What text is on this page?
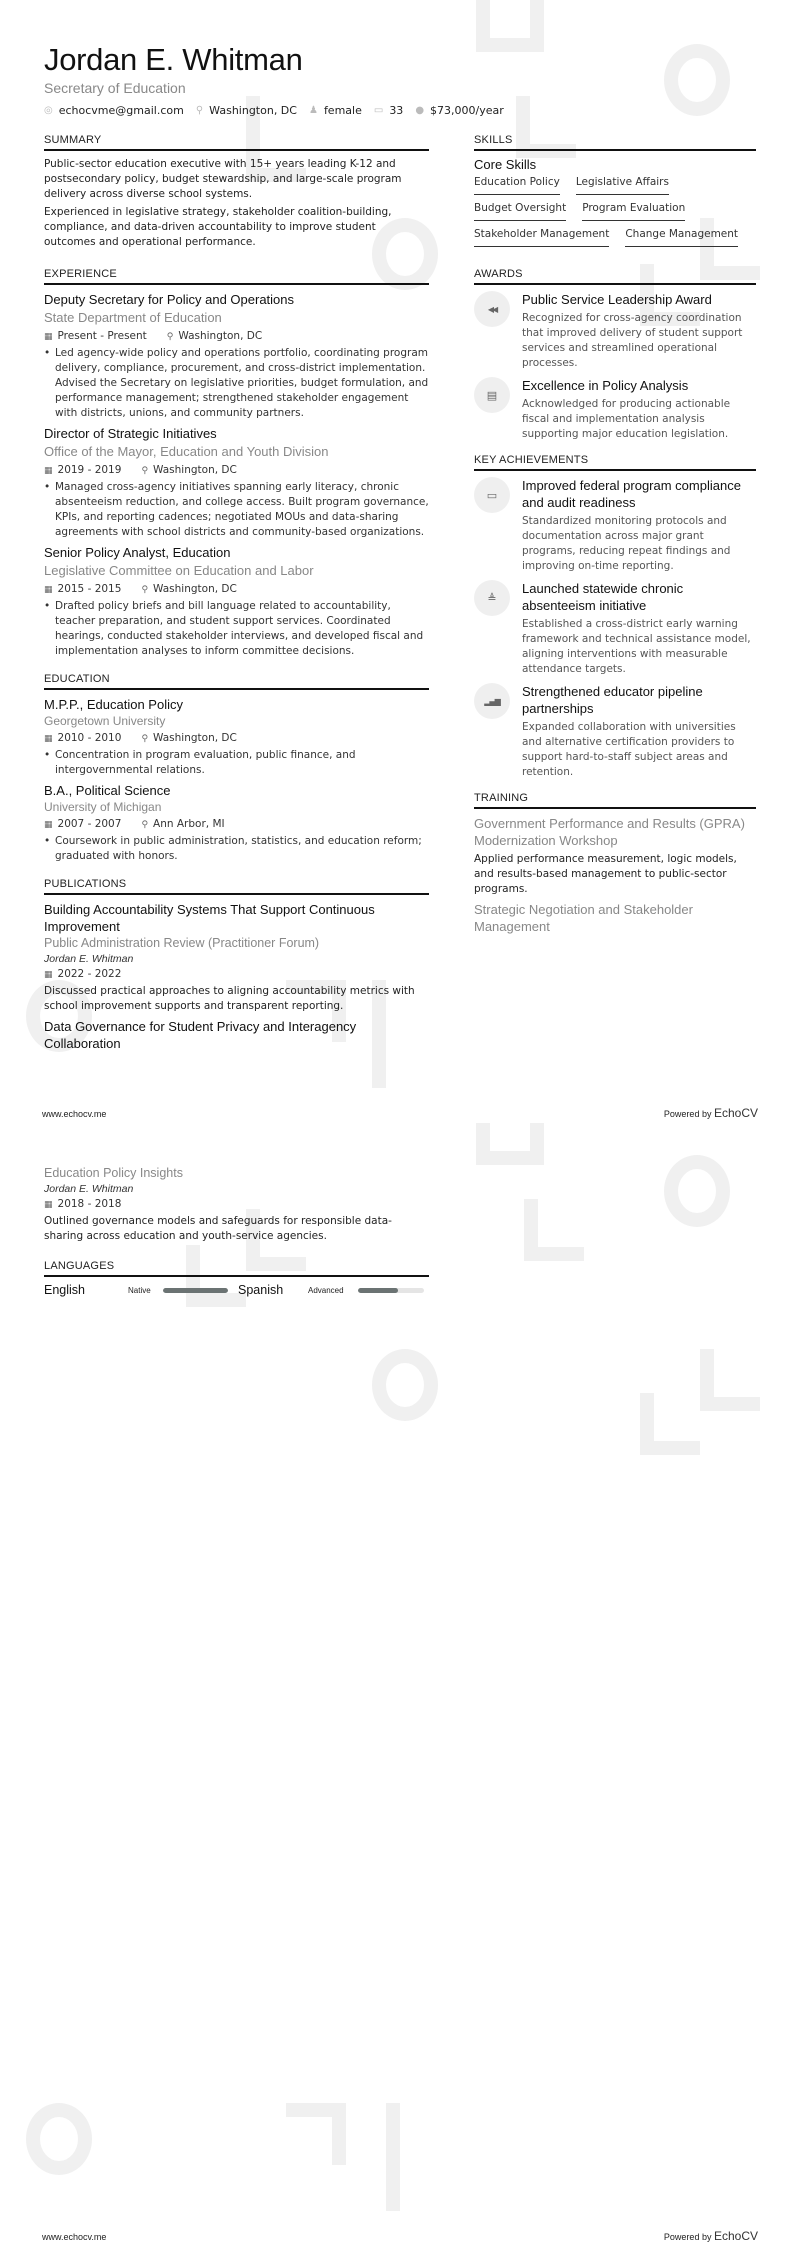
Jordan E. Whitman
Secretary of Education
◎ echocvme@gmail.com ⚲ Washington, DC ♟ female ▭ 33 ● $73,000/year
SUMMARY

Public-sector education executive with 15+ years leading K-12 and postsecondary policy, budget stewardship, and large-scale program delivery across diverse school systems.

Experienced in legislative strategy, stakeholder coalition-building, compliance, and data-driven accountability to improve student outcomes and operational performance.

EXPERIENCE
Deputy Secretary for Policy and Operations
State Department of Education
▦ Present - Present ⚲ Washington, DC
• Led agency-wide policy and operations portfolio, coordinating program delivery, compliance, procurement, and cross-district implementation. Advised the Secretary on legislative priorities, budget formulation, and performance management; strengthened stakeholder engagement with districts, unions, and community partners.
Director of Strategic Initiatives
Office of the Mayor, Education and Youth Division
▦ 2019 - 2019 ⚲ Washington, DC
• Managed cross-agency initiatives spanning early literacy, chronic absenteeism reduction, and college access. Built program governance, KPIs, and reporting cadences; negotiated MOUs and data-sharing agreements with school districts and community-based organizations.
Senior Policy Analyst, Education
Legislative Committee on Education and Labor
▦ 2015 - 2015 ⚲ Washington, DC
• Drafted policy briefs and bill language related to accountability, teacher preparation, and student support services. Coordinated hearings, conducted stakeholder interviews, and developed fiscal and implementation analyses to inform committee decisions.
EDUCATION
M.P.P., Education Policy
Georgetown University
▦ 2010 - 2010 ⚲ Washington, DC
• Concentration in program evaluation, public finance, and intergovernmental relations.
B.A., Political Science
University of Michigan
▦ 2007 - 2007 ⚲ Ann Arbor, MI
• Coursework in public administration, statistics, and education reform; graduated with honors.
PUBLICATIONS
Building Accountability Systems That Support Continuous Improvement
Public Administration Review (Practitioner Forum)
Jordan E. Whitman
▦ 2022 - 2022

Discussed practical approaches to aligning accountability metrics with school improvement supports and transparent reporting.

Data Governance for Student Privacy and Interagency Collaboration
SKILLS
Core Skills
Education Policy Legislative Affairs
Budget Oversight Program Evaluation
Stakeholder Management Change Management
AWARDS
◀◀
Public Service Leadership Award
Recognized for cross-agency coordination that improved delivery of student support services and streamlined operational processes.
▤
Excellence in Policy Analysis
Acknowledged for producing actionable fiscal and implementation analysis supporting major education legislation.
KEY ACHIEVEMENTS
▭
Improved federal program compliance and audit readiness
Standardized monitoring protocols and documentation across major grant programs, reducing repeat findings and improving on-time reporting.
≜
Launched statewide chronic absenteeism initiative
Established a cross-district early warning framework and technical assistance model, aligning interventions with measurable attendance targets.
▂▄▆
Strengthened educator pipeline partnerships
Expanded collaboration with universities and alternative certification providers to support hard-to-staff subject areas and retention.
TRAINING
Government Performance and Results (GPRA) Modernization Workshop

Applied performance measurement, logic models, and results-based management to public-sector programs.

Strategic Negotiation and Stakeholder Management
www.echocv.me	Powered by EchoCV
Education Policy Insights
Jordan E. Whitman
▦ 2018 - 2018

Outlined governance models and safeguards for responsible data-sharing across education and youth-service agencies.

LANGUAGES
English	Native	Spanish	Advanced
www.echocv.me	Powered by EchoCV
